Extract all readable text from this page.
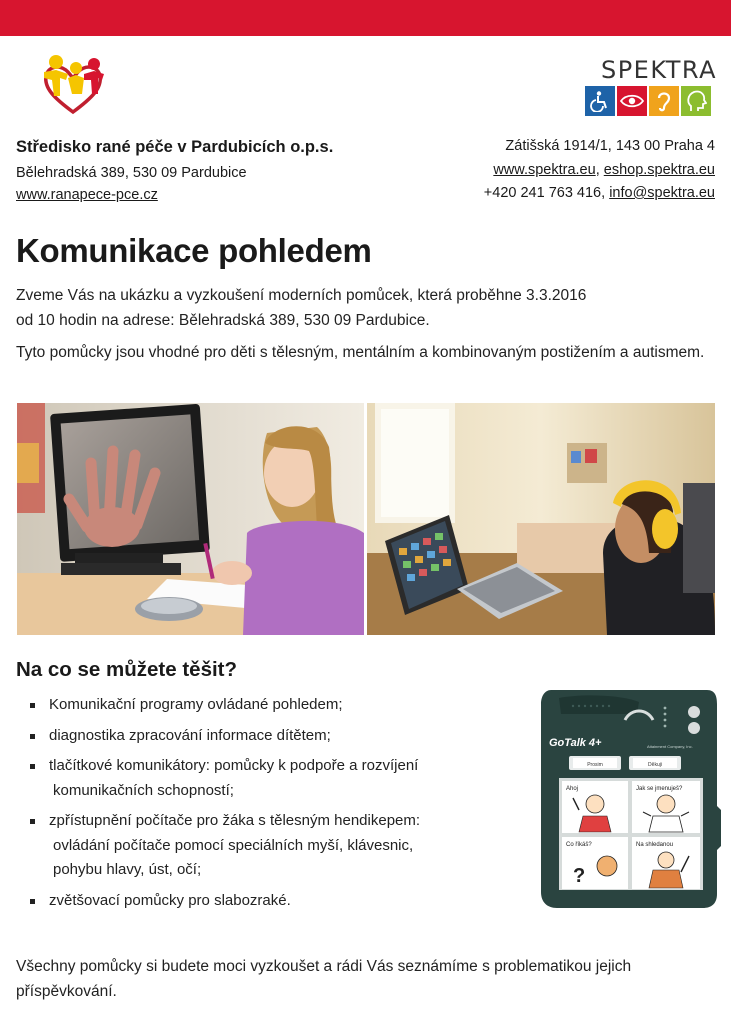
SPEKTRA
Středisko rané péče v Pardubicích o.p.s.
Bělehradská 389, 530 09 Pardubice
www.ranapece-pce.cz
Zátišská 1914/1, 143 00 Praha 4
www.spektra.eu, eshop.spektra.eu
+420 241 763 416, info@spektra.eu
Komunikace pohledem

Zveme Vás na ukázku a vyzkoušení moderních pomůcek, která proběhne 3.3.2016
od 10 hodin na adrese: Bělehradská 389, 530 09 Pardubice.

Tyto pomůcky jsou vhodné pro děti s tělesným, mentálním a kombinovaným postižením a autismem.

Na co se můžete těšit?
Komunikační programy ovládané pohledem;
diagnostika zpracování informace dítětem;
tlačítkové komunikátory: pomůcky k podpoře a rozvíjení
komunikačních schopností;
zpřístupnění počítače pro žáka s tělesným hendikepem:
ovládání počítače pomocí speciálních myší, klávesnic,
pohybu hlavy, úst, očí;
zvětšovací pomůcky pro slabozraké.
GoTalk 4+	Attainment Company, Inc.
Prosim	Děkuji
Ahoj	Jak se jmenuješ?
Co říkáš?	Na shledanou
?
Všechny pomůcky si budete moci vyzkoušet a rádi Vás seznámíme s problematikou jejich příspěvkování.
